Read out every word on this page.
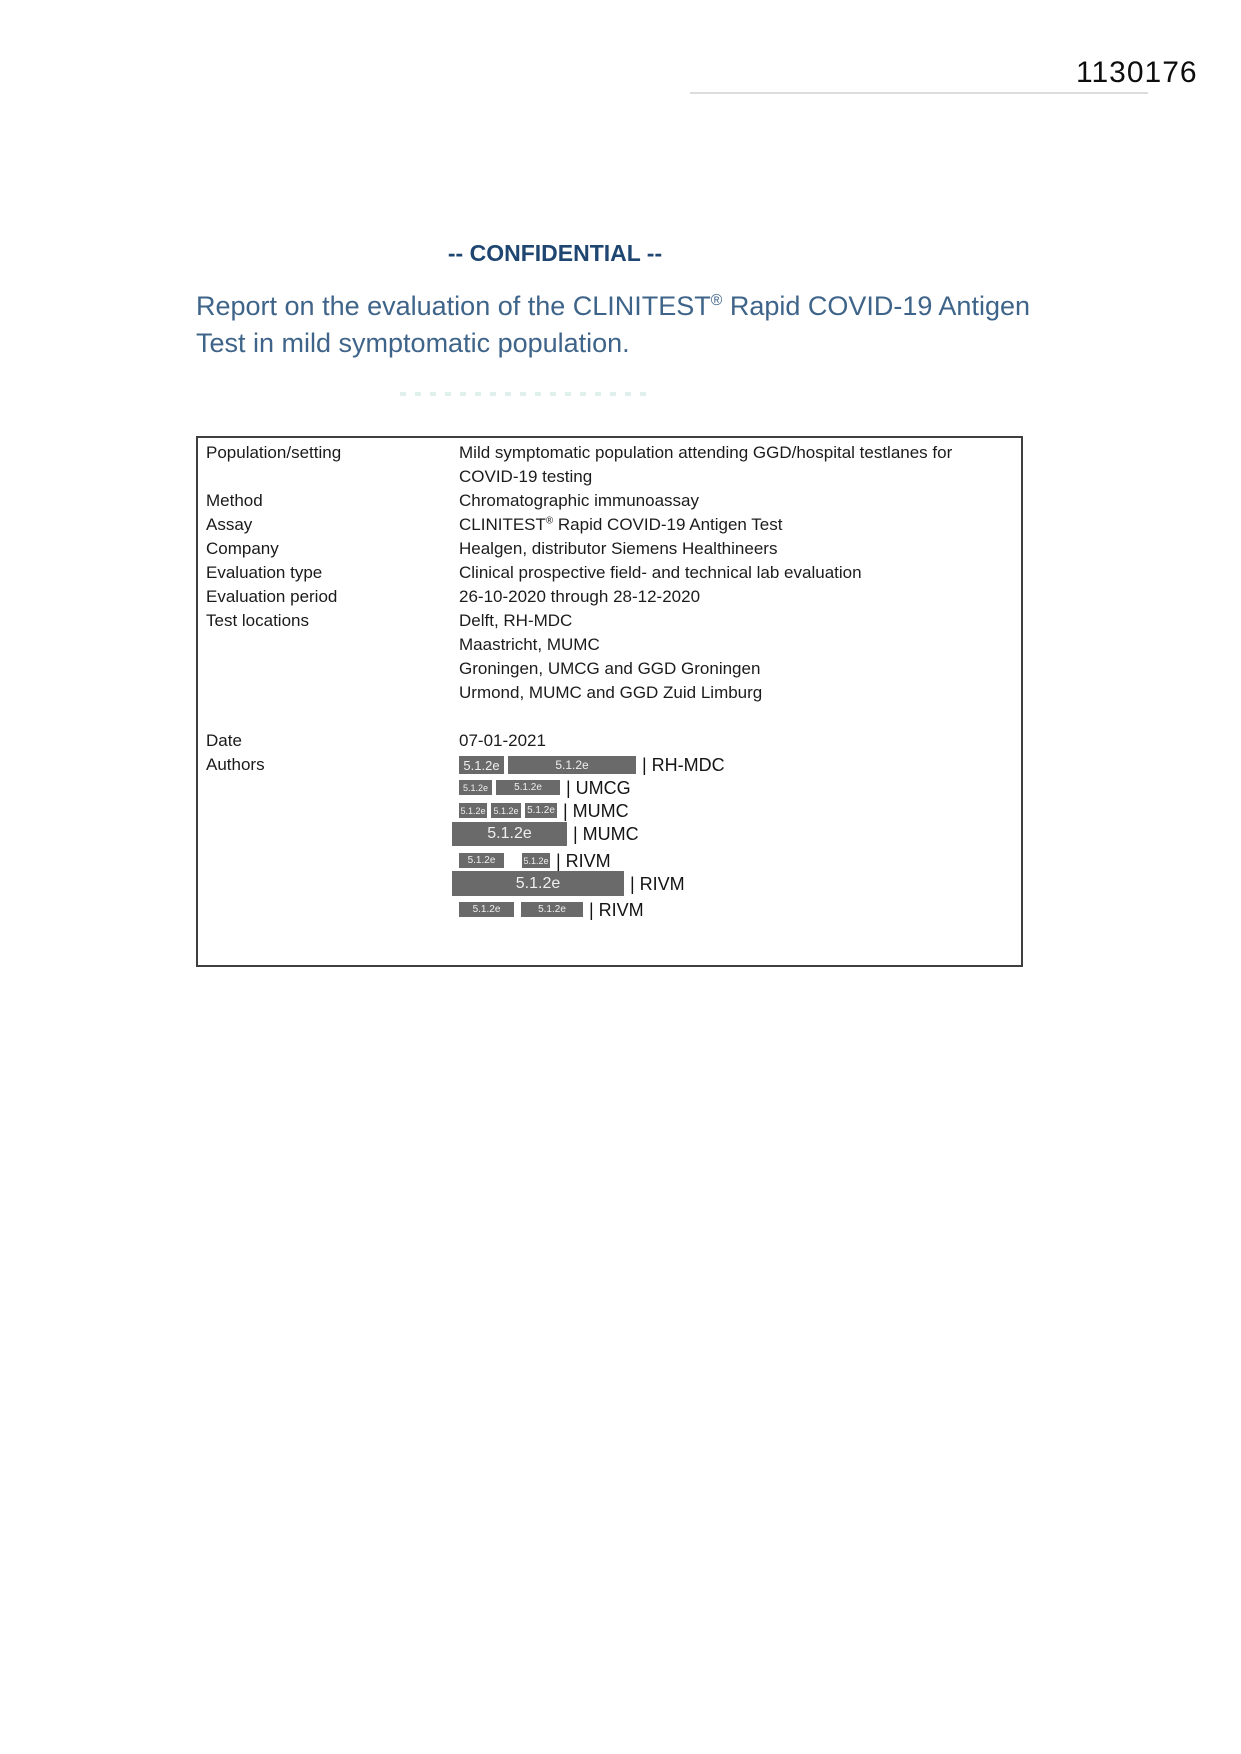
1130176
-- CONFIDENTIAL --
Report on the evaluation of the CLINITEST® Rapid COVID-19 Antigen
Test in mild symptomatic population.
Population/setting	Mild symptomatic population attending GGD/hospital testlanes for
COVID-19 testing
Method	Chromatographic immunoassay
Assay	CLINITEST® Rapid COVID-19 Antigen Test
Company	Healgen, distributor Siemens Healthineers
Evaluation type	Clinical prospective field- and technical lab evaluation
Evaluation period	26-10-2020 through 28-12-2020
Test locations	Delft, RH-MDC
Maastricht, MUMC
Groningen, UMCG and GGD Groningen
Urmond, MUMC and GGD Zuid Limburg
Date	07-01-2021
Authors	5.1.2e	5.1.2e	| RH-MDC
5.1.2e	5.1.2e	| UMCG
5.1.2e 5.1.2e 5.1.2e | MUMC
5.1.2e	| MUMC
5.1.2e	5.1.2e | RIVM
5.1.2e	| RIVM
5.1.2e	5.1.2e	| RIVM
